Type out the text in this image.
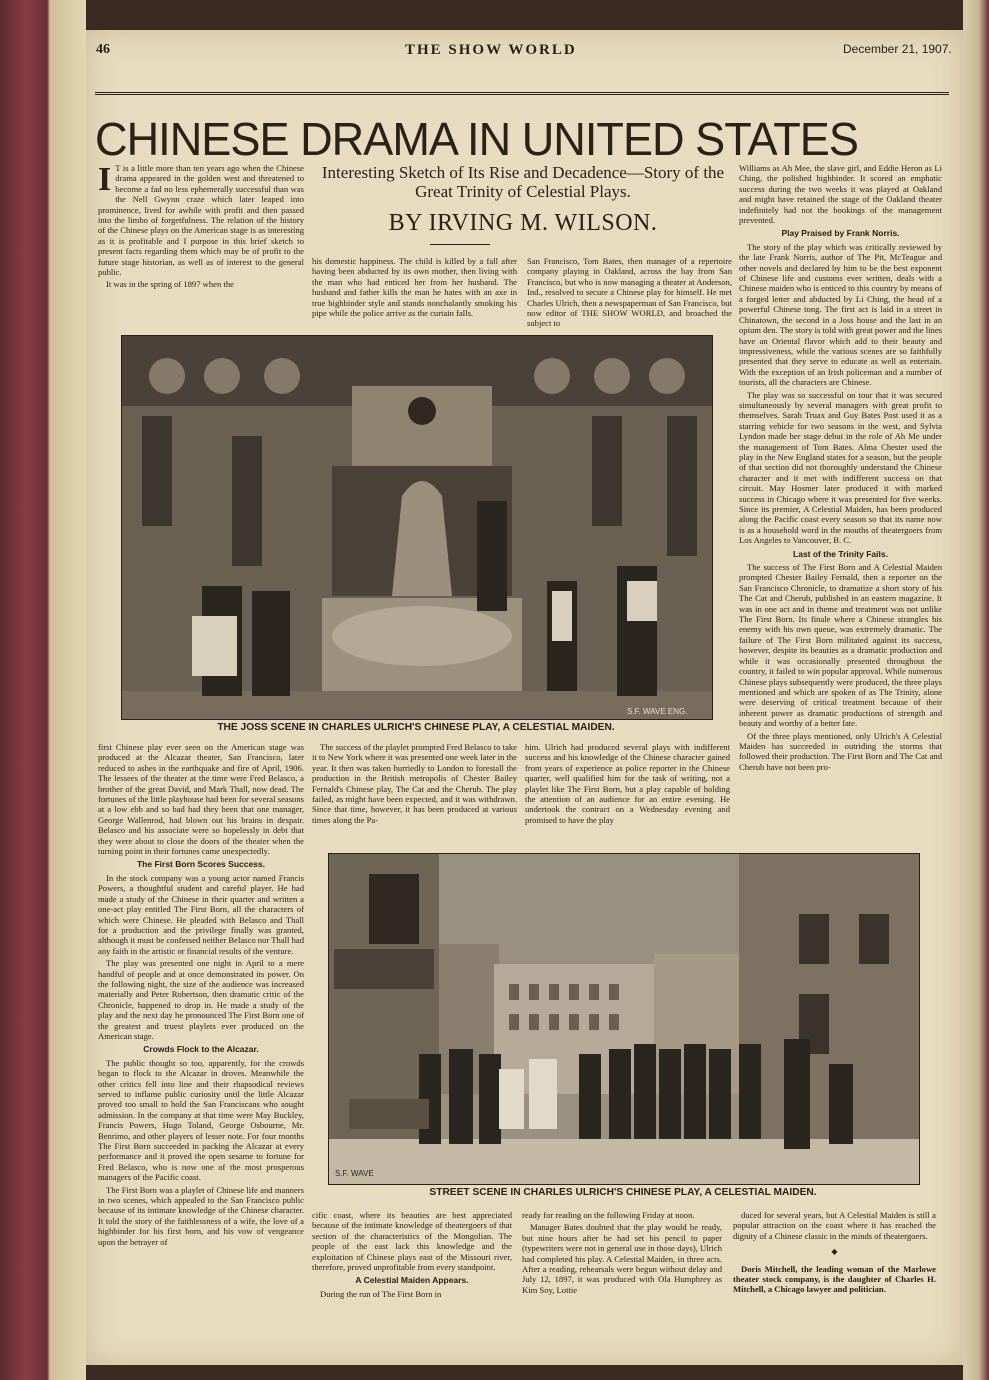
46	THE SHOW WORLD	December 21, 1907.
CHINESE DRAMA IN UNITED STATES
Interesting Sketch of Its Rise and Decadence—Story of the Great Trinity of Celestial Plays.
BY IRVING M. WILSON.
I T is a little more than ten years ago when the Chinese drama appeared in the golden west and threatened to become a fad no less ephemerally successful than was the Nell Gwynn craze which later leaped into prominence, lived for awhile with profit and then passed into the limbo of forgetfulness. The relation of the history of the Chinese plays on the American stage is as interesting as it is profitable and I purpose in this brief sketch to present facts regarding them which may be of profit to the future stage historian, as well as of interest to the general public.

It was in the spring of 1897 when the

his domestic happiness. The child is killed by a fall after having been abducted by its own mother, then living with the man who had enticed her from her husband. The husband and father kills the man he hates with an axe in true highbinder style and stands nonchalantly smoking his pipe while the police arrive as the curtain falls.

San Francisco, Tom Bates, then manager of a repertoire company playing in Oakland, across the bay from San Francisco, but who is now managing a theater at Anderson, Ind., resolved to secure a Chinese play for himself. He met Charles Ulrich, then a newspaperman of San Francisco, but now editor of THE SHOW WORLD, and broached the subject to

Williams as Ah Mee, the slave girl, and Eddie Heron as Li Ching, the polished highbinder. It scored an emphatic success during the two weeks it was played at Oakland and might have retained the stage of the Oakland theater indefinitely had not the bookings of the management prevented.

Play Praised by Frank Norris.

The story of the play which was critically reviewed by the late Frank Norris, author of The Pit, McTeague and other novels and declared by him to be the best exponent of Chinese life and customs ever written, deals with a Chinese maiden who is enticed to this country by means of a forged letter and abducted by Li Ching, the head of a powerful Chinese tong. The first act is laid in a street in Chinatown, the second in a Joss house and the last in an opium den. The story is told with great power and the lines have an Oriental flavor which add to their beauty and impressiveness, while the various scenes are so faithfully presented that they serve to educate as well as entertain. With the exception of an Irish policeman and a number of tourists, all the characters are Chinese.

The play was so successful on tour that it was secured simultaneously by several managers with great profit to themselves. Sarah Truax and Guy Bates Post used it as a starring vehicle for two seasons in the west, and Sylvia Lyndon made her stage debut in the role of Ah Me under the management of Tom Bates. Alma Chester used the play in the New England states for a season, but the people of that section did not thoroughly understand the Chinese character and it met with indifferent success on that circuit. May Hosmer later produced it with marked success in Chicago where it was presented for five weeks. Since its premier, A Celestial Maiden, has been produced along the Pacific coast every season so that its name now is as a household word in the mouths of theatergoers from Los Angeles to Vancouver, B. C.

Last of the Trinity Fails.

The success of The First Born and A Celestial Maiden prompted Chester Bailey Fernald, then a reporter on the San Francisco Chronicle, to dramatize a short story of his The Cat and Cherub, published in an eastern magazine. It was in one act and in theme and treatment was not unlike The First Born. Its finale where a Chinese strangles his enemy with his own queue, was extremely dramatic. The failure of The First Born militated against its success, however, despite its beauties as a dramatic production and while it was occasionally presented throughout the country, it failed to win popular approval. While numerous Chinese plays subsequently were produced, the three plays mentioned and which are spoken of as The Trinity, alone were deserving of critical treatment because of their inherent power as dramatic productions of strength and beauty and worthy of a better fate.

Of the three plays mentioned, only Ulrich's A Celestial Maiden has succeeded in outriding the storms that followed their production. The First Born and The Cat and Cherub have not been pro-

S.F. WAVE ENG.
THE JOSS SCENE IN CHARLES ULRICH'S CHINESE PLAY, A CELESTIAL MAIDEN.

first Chinese play ever seen on the American stage was produced at the Alcazar theater, San Francisco, later reduced to ashes in the earthquake and fire of April, 1906. The lessees of the theater at the time were Fred Belasco, a brother of the great David, and Mark Thall, now dead. The fortunes of the little playhouse had been for several seasons at a low ebb and so bad had they been that one manager, George Wallenrod, had blown out his brains in despair. Belasco and his associate were so hopelessly in debt that they were about to close the doors of the theater when the turning point in their fortunes came unexpectedly.

The First Born Scores Success.

In the stock company was a young actor named Francis Powers, a thoughtful student and careful player. He had made a study of the Chinese in their quarter and written a one-act play entitled The First Born, all the characters of which were Chinese. He pleaded with Belasco and Thall for a production and the privilege finally was granted, although it must be confessed neither Belasco nor Thall had any faith in the artistic or financial results of the venture.

The play was presented one night in April to a mere handful of people and at once demonstrated its power. On the following night, the size of the audience was increased materially and Peter Robertson, then dramatic critic of the Chronicle, happened to drop in. He made a study of the play and the next day he pronounced The First Born one of the greatest and truest playlets ever produced on the American stage.

Crowds Flock to the Alcazar.

The public thought so too, apparently, for the crowds began to flock to the Alcazar in droves. Meanwhile the other critics fell into line and their rhapsodical reviews served to inflame public curiosity until the little Alcazar proved too small to hold the San Franciscans who sought admission. In the company at that time were May Buckley, Francis Powers, Hugo Toland, George Osbourne, Mr. Benrimo, and other players of lesser note. For four months The First Born succeeded in packing the Alcazar at every performance and it proved the open sesame to fortune for Fred Belasco, who is now one of the most prosperous managers of the Pacific coast.

The First Born was a playlet of Chinese life and manners in two scenes, which appealed to the San Francisco public because of its intimate knowledge of the Chinese character. It told the story of the faithlessness of a wife, the love of a highbinder for his first born, and his vow of vengeance upon the betrayer of

The success of the playlet prompted Fred Belasco to take it to New York where it was presented one week later in the year. It then was taken hurriedly to London to forestall the production in the British metropolis of Chester Bailey Fernald's Chinese play, The Cat and the Cherub. The play failed, as might have been expected, and it was withdrawn. Since that time, however, it has been produced at various times along the Pa-

him. Ulrich had produced several plays with indifferent success and his knowledge of the Chinese character gained from years of experience as police reporter in the Chinese quarter, well qualified him for the task of writing, not a playlet like The First Born, but a play capable of holding the attention of an audience for an entire evening. He undertook the contract on a Wednesday evening and promised to have the play

S.F. WAVE
STREET SCENE IN CHARLES ULRICH'S CHINESE PLAY, A CELESTIAL MAIDEN.

cific coast, where its beauties are best appreciated because of the intimate knowledge of theatergoers of that section of the characteristics of the Mongolian. The people of the east lack this knowledge and the exploitation of Chinese plays east of the Missouri river, therefore, proved unprofitable from every standpoint.

A Celestial Maiden Appears.

During the run of The First Born in

ready for reading on the following Friday at noon.

Manager Bates doubted that the play would be ready, but nine hours after he had set his pencil to paper (typewriters were not in general use in those days), Ulrich had completed his play. A Celestial Maiden, in three acts. After a reading, rehearsals were begun without delay and July 12, 1897, it was produced with Ola Humphrey as Kim Soy, Lottie

duced for several years, but A Celestial Maiden is still a popular attraction on the coast where it has reached the dignity of a Chinese classic in the minds of theatergoers.

◆

Doris Mitchell, the leading woman of the Marlowe theater stock company, is the daughter of Charles H. Mitchell, a Chicago lawyer and politician.
